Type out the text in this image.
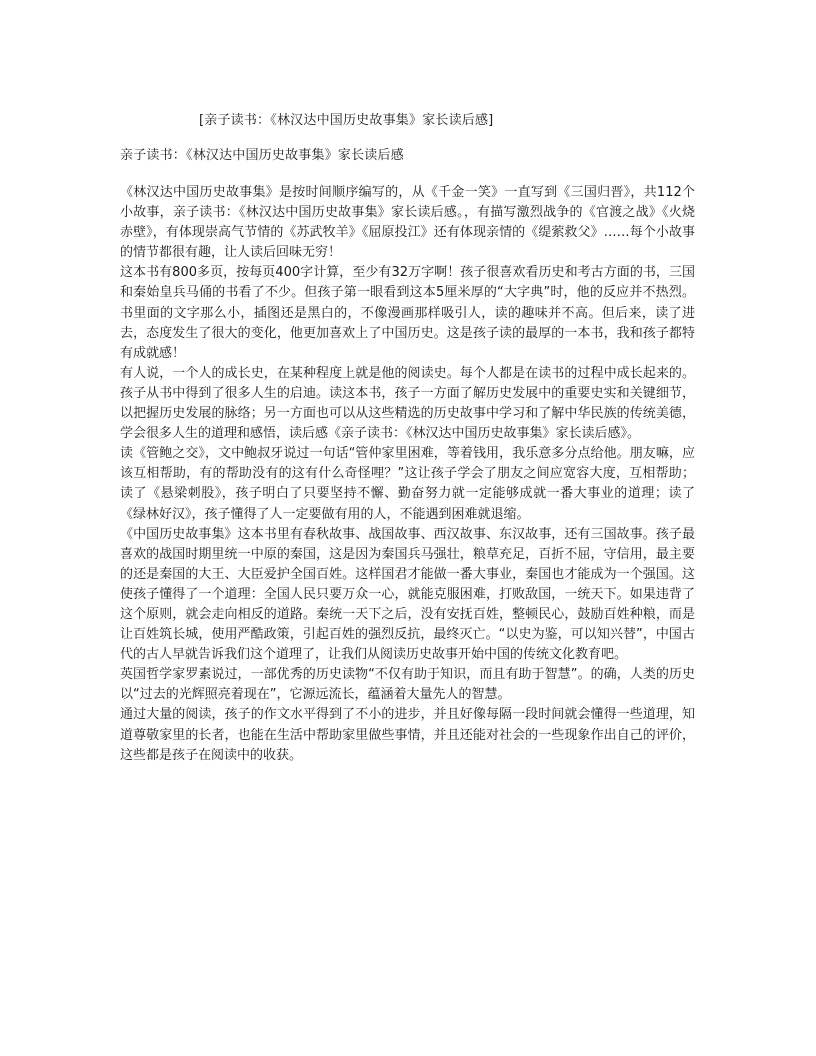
[亲子读书：《林汉达中国历史故事集》家长读后感]
亲子读书：《林汉达中国历史故事集》家长读后感

《林汉达中国历史故事集》是按时间顺序编写的，从《千金一笑》一直写到《三国归晋》，共112个小故事，亲子读书：《林汉达中国历史故事集》家长读后感。，有描写激烈战争的《官渡之战》《火烧赤壁》，有体现崇高气节情的《苏武牧羊》《屈原投江》还有体现亲情的《缇萦救父》……每个小故事的情节都很有趣，让人读后回味无穷！

这本书有800多页，按每页400字计算，至少有32万字啊！孩子很喜欢看历史和考古方面的书，三国和秦始皇兵马俑的书看了不少。但孩子第一眼看到这本5厘米厚的“大字典”时，他的反应并不热烈。书里面的文字那么小，插图还是黑白的，不像漫画那样吸引人，读的趣味并不高。但后来，读了进去，态度发生了很大的变化，他更加喜欢上了中国历史。这是孩子读的最厚的一本书，我和孩子都特有成就感！

有人说，一个人的成长史，在某种程度上就是他的阅读史。每个人都是在读书的过程中成长起来的。孩子从书中得到了很多人生的启迪。读这本书，孩子一方面了解历史发展中的重要史实和关键细节，以把握历史发展的脉络；另一方面也可以从这些精选的历史故事中学习和了解中华民族的传统美德，学会很多人生的道理和感悟，读后感《亲子读书：《林汉达中国历史故事集》家长读后感》。

读《管鲍之交》，文中鲍叔牙说过一句话“管仲家里困难，等着钱用，我乐意多分点给他。朋友嘛，应该互相帮助，有的帮助没有的这有什么奇怪哩？”这让孩子学会了朋友之间应宽容大度，互相帮助；读了《悬梁刺股》，孩子明白了只要坚持不懈、勤奋努力就一定能够成就一番大事业的道理；读了《绿林好汉》，孩子懂得了人一定要做有用的人，不能遇到困难就退缩。

《中国历史故事集》这本书里有春秋故事、战国故事、西汉故事、东汉故事，还有三国故事。孩子最喜欢的战国时期里统一中原的秦国，这是因为秦国兵马强壮，粮草充足，百折不屈，守信用，最主要的还是秦国的大王、大臣爱护全国百姓。这样国君才能做一番大事业，秦国也才能成为一个强国。这使孩子懂得了一个道理：全国人民只要万众一心，就能克服困难，打败敌国，一统天下。如果违背了这个原则，就会走向相反的道路。秦统一天下之后，没有安抚百姓，整顿民心，鼓励百姓种粮，而是让百姓筑长城，使用严酷政策，引起百姓的强烈反抗，最终灭亡。“以史为鉴，可以知兴替”，中国古代的古人早就告诉我们这个道理了，让我们从阅读历史故事开始中国的传统文化教育吧。

英国哲学家罗素说过，一部优秀的历史读物“不仅有助于知识，而且有助于智慧”。的确，人类的历史以“过去的光辉照亮着现在”，它源远流长，蕴涵着大量先人的智慧。

通过大量的阅读，孩子的作文水平得到了不小的进步，并且好像每隔一段时间就会懂得一些道理，知道尊敬家里的长者，也能在生活中帮助家里做些事情，并且还能对社会的一些现象作出自己的评价，这些都是孩子在阅读中的收获。
